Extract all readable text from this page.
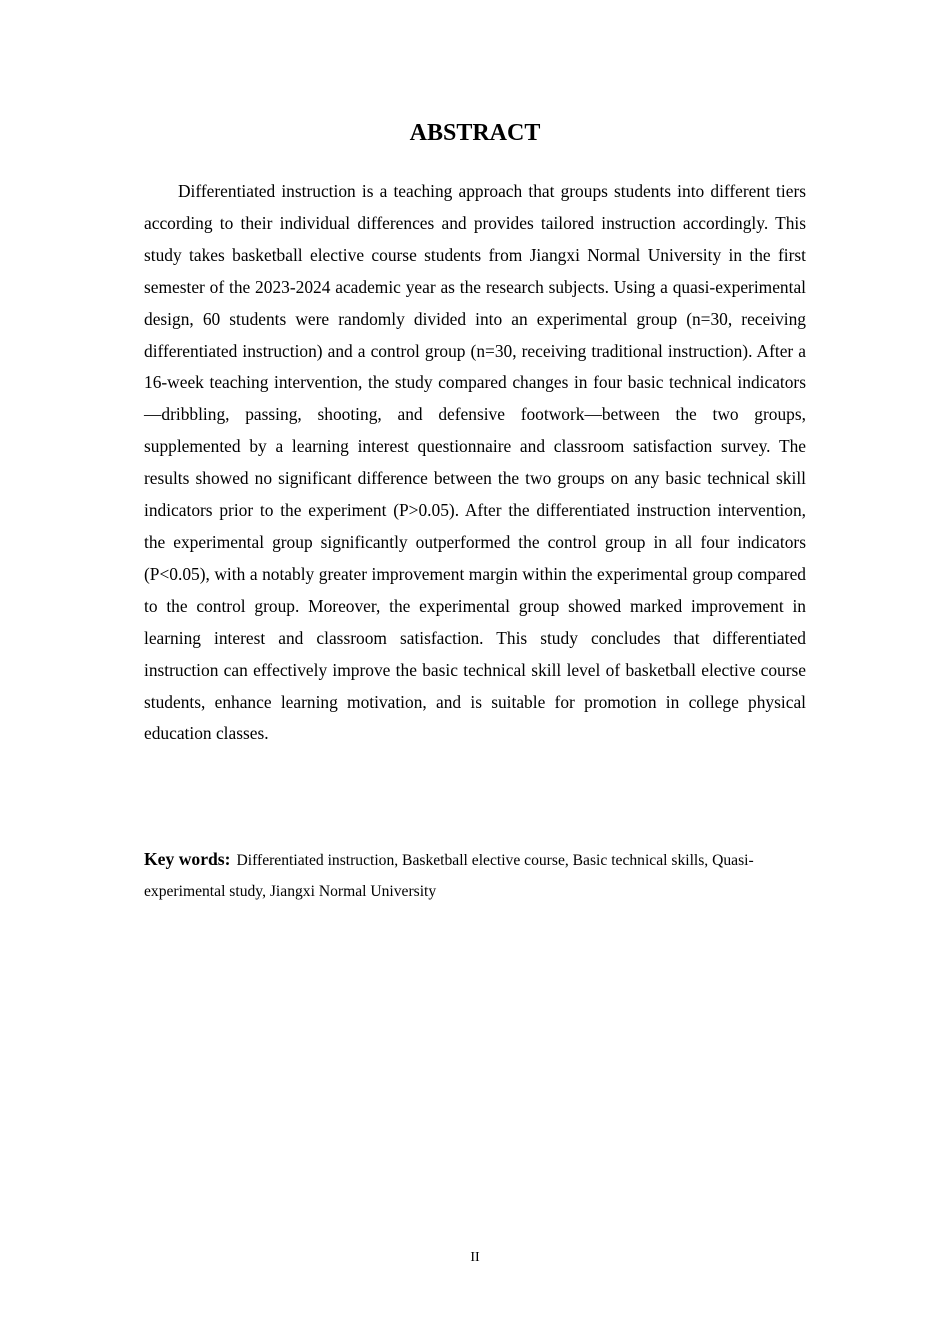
ABSTRACT

Differentiated instruction is a teaching approach that groups students into different tiers according to their individual differences and provides tailored instruction accordingly. This study takes basketball elective course students from Jiangxi Normal University in the first semester of the 2023-2024 academic year as the research subjects. Using a quasi-experimental design, 60 students were randomly divided into an experimental group (n=30, receiving differentiated instruction) and a control group (n=30, receiving traditional instruction). After a 16-week teaching intervention, the study compared changes in four basic technical indicators—dribbling, passing, shooting, and defensive footwork—between the two groups, supplemented by a learning interest questionnaire and classroom satisfaction survey. The results showed no significant difference between the two groups on any basic technical skill indicators prior to the experiment (P>0.05). After the differentiated instruction intervention, the experimental group significantly outperformed the control group in all four indicators (P<0.05), with a notably greater improvement margin within the experimental group compared to the control group. Moreover, the experimental group showed marked improvement in learning interest and classroom satisfaction. This study concludes that differentiated instruction can effectively improve the basic technical skill level of basketball elective course students, enhance learning motivation, and is suitable for promotion in college physical education classes.

Key words: Differentiated instruction, Basketball elective course, Basic technical skills, Quasi-experimental study, Jiangxi Normal University

II
